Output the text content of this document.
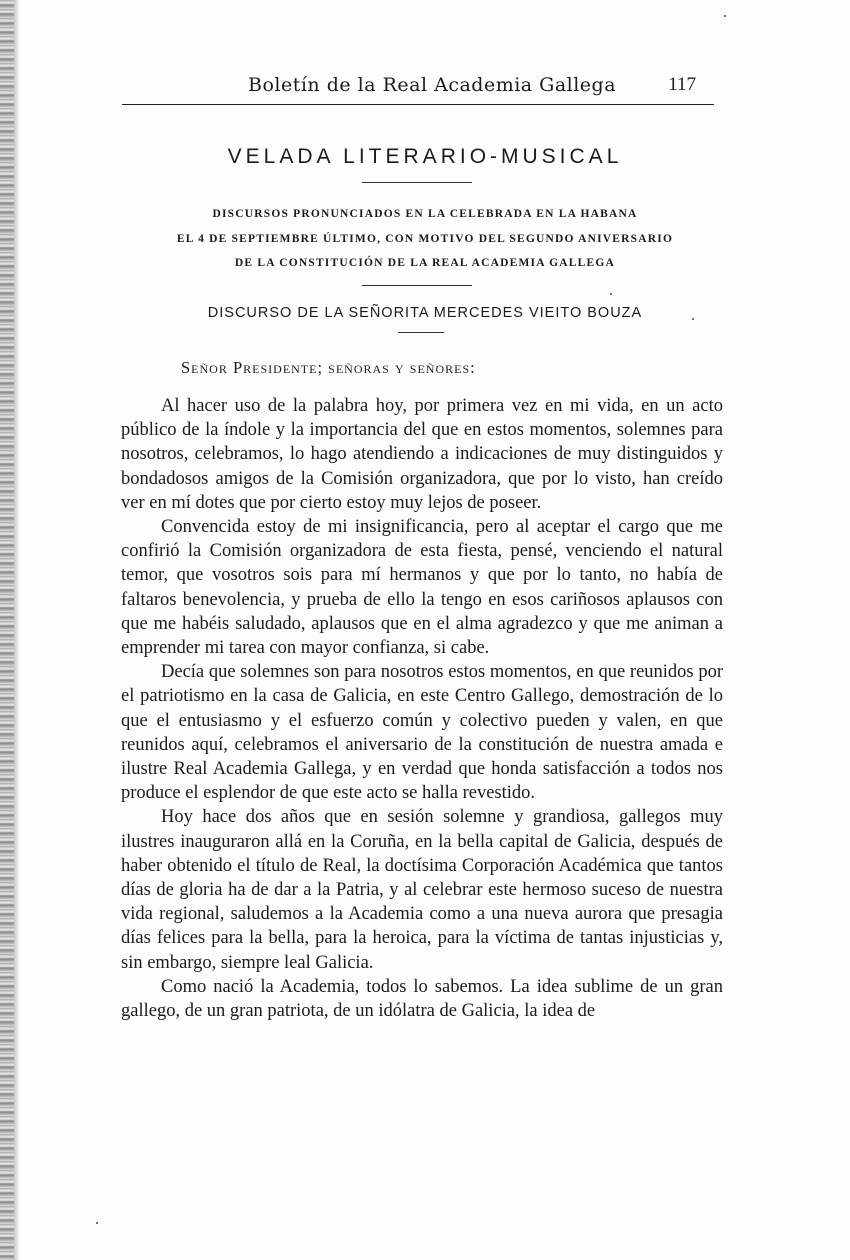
Boletín de la Real Academia Gallega	117
VELADA LITERARIO-MUSICAL
DISCURSOS PRONUNCIADOS EN LA CELEBRADA EN LA HABANA
EL 4 DE SEPTIEMBRE ÚLTIMO, CON MOTIVO DEL SEGUNDO ANIVERSARIO
DE LA CONSTITUCIÓN DE LA REAL ACADEMIA GALLEGA
DISCURSO DE LA SEÑORITA MERCEDES VIEITO BOUZA
Señor Presidente; señoras y señores:

Al hacer uso de la palabra hoy, por primera vez en mi vida, en un acto público de la índole y la importancia del que en estos momentos, solemnes para nosotros, celebramos, lo hago atendiendo a indicaciones de muy distinguidos y bondadosos amigos de la Comisión organizadora, que por lo visto, han creído ver en mí dotes que por cierto estoy muy lejos de poseer.

Convencida estoy de mi insignificancia, pero al aceptar el cargo que me confirió la Comisión organizadora de esta fiesta, pensé, venciendo el natural temor, que vosotros sois para mí hermanos y que por lo tanto, no había de faltaros benevolencia, y prueba de ello la tengo en esos cariñosos aplausos con que me habéis saludado, aplausos que en el alma agradezco y que me animan a emprender mi tarea con mayor confianza, si cabe.

Decía que solemnes son para nosotros estos momentos, en que reunidos por el patriotismo en la casa de Galicia, en este Centro Gallego, demostración de lo que el entusiasmo y el esfuerzo común y colectivo pueden y valen, en que reunidos aquí, celebramos el aniversario de la constitución de nuestra amada e ilustre Real Academia Gallega, y en verdad que honda satisfacción a todos nos produce el esplendor de que este acto se halla revestido.

Hoy hace dos años que en sesión solemne y grandiosa, gallegos muy ilustres inauguraron allá en la Coruña, en la bella capital de Galicia, después de haber obtenido el título de Real, la doctísima Corporación Académica que tantos días de gloria ha de dar a la Patria, y al celebrar este hermoso suceso de nuestra vida regional, saludemos a la Academia como a una nueva aurora que presagia días felices para la bella, para la heroica, para la víctima de tantas injusticias y, sin embargo, siempre leal Galicia.

Como nació la Academia, todos lo sabemos. La idea sublime de un gran gallego, de un gran patriota, de un idólatra de Galicia, la idea de
